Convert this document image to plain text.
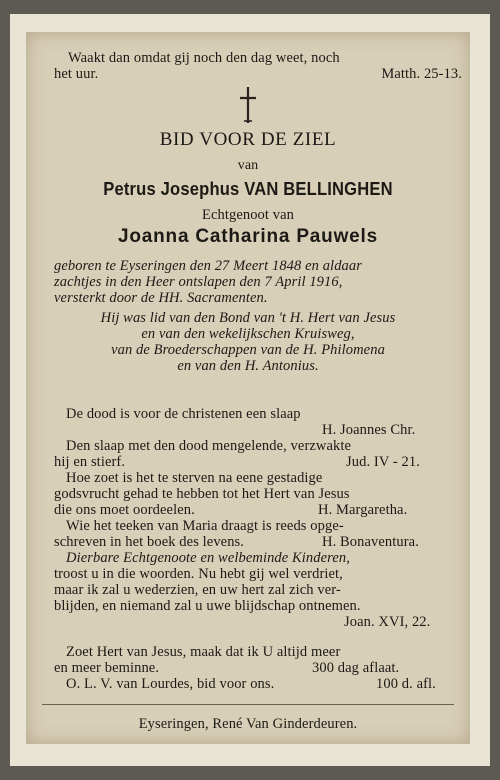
Waakt dan omdat gij noch den dag weet, noch
het uur.	Matth. 25-13.
BID VOOR DE ZIEL
van
Petrus Josephus VAN BELLINGHEN
Echtgenoot van
Joanna Catharina Pauwels
geboren te Eyseringen den 27 Meert 1848 en aldaar
zachtjes in den Heer ontslapen den 7 April 1916,
versterkt door de HH. Sacramenten.
Hij was lid van den Bond van 't H. Hert van Jesus
en van den wekelijkschen Kruisweg,
van de Broederschappen van de H. Philomena
en van den H. Antonius.
De dood is voor de christenen een slaap
H. Joannes Chr.
Den slaap met den dood mengelende, verzwakte
hij en stierf.	Jud. IV - 21.
Hoe zoet is het te sterven na eene gestadige
godsvrucht gehad te hebben tot het Hert van Jesus
die ons moet oordeelen.	H. Margaretha.
Wie het teeken van Maria draagt is reeds opge-
schreven in het boek des levens.	H. Bonaventura.
Dierbare Echtgenoote en welbeminde Kinderen,
troost u in die woorden. Nu hebt gij wel verdriet,
maar ik zal u wederzien, en uw hert zal zich ver-
blijden, en niemand zal u uwe blijdschap ontnemen.
Joan. XVI, 22.
Zoet Hert van Jesus, maak dat ik U altijd meer
en meer beminne.	300 dag aflaat.
O. L. V. van Lourdes, bid voor ons.	100 d. afl.
Eyseringen, René Van Ginderdeuren.
